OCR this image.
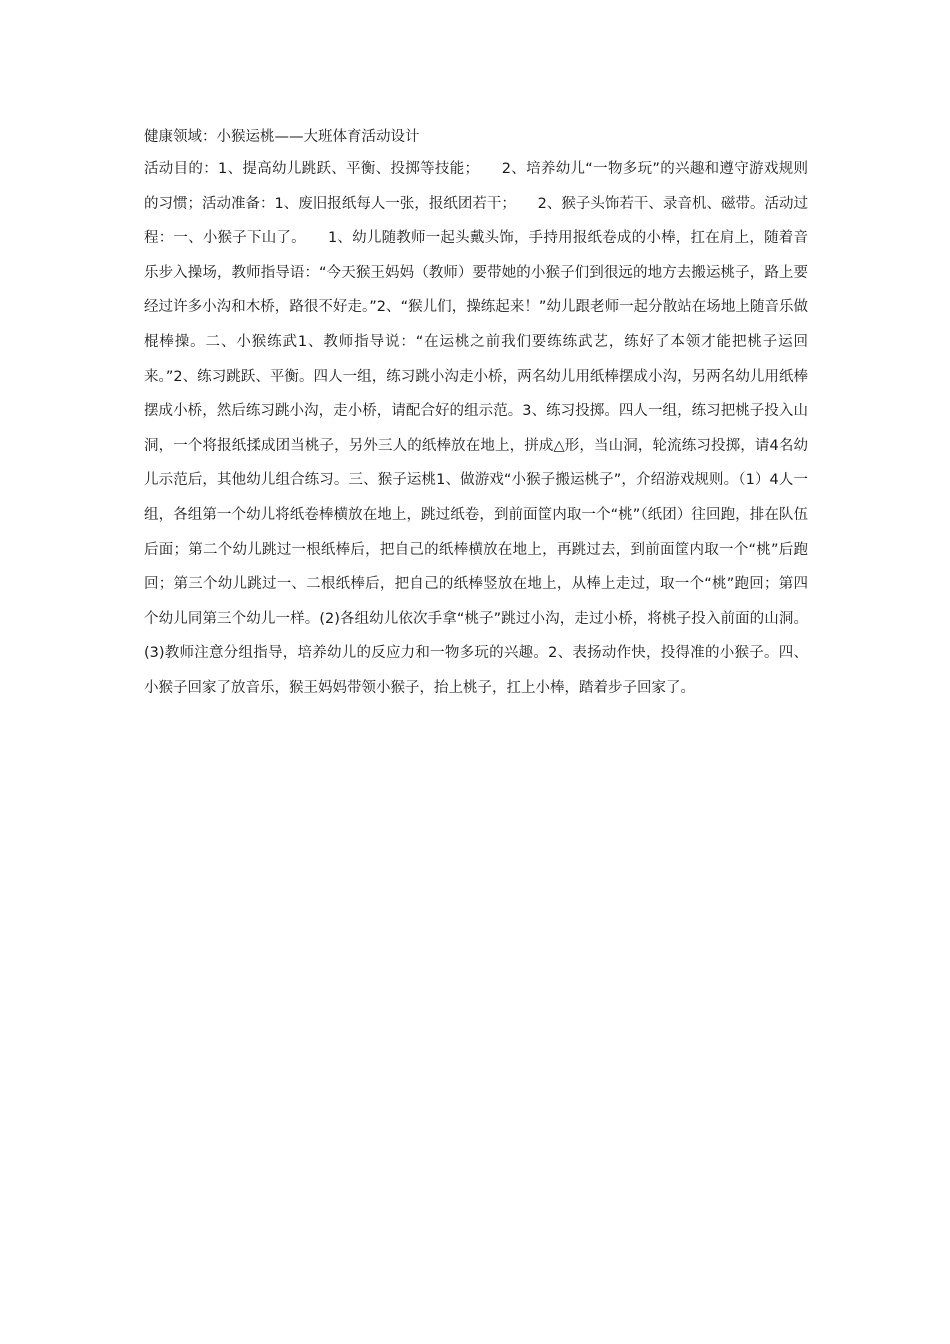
健康领域：小猴运桃——大班体育活动设计

活动目的：1、提高幼儿跳跃、平衡、投掷等技能；　　2、培养幼儿“一物多玩”的兴趣和遵守游戏规则的习惯；活动准备：1、废旧报纸每人一张，报纸团若干；　　2、猴子头饰若干、录音机、磁带。活动过程：一、小猴子下山了。　　1、幼儿随教师一起头戴头饰，手持用报纸卷成的小棒，扛在肩上，随着音乐步入操场，教师指导语：“今天猴王妈妈（教师）要带她的小猴子们到很远的地方去搬运桃子，路上要经过许多小沟和木桥，路很不好走。”2、“猴儿们，操练起来！”幼儿跟老师一起分散站在场地上随音乐做棍棒操。二、小猴练武1、教师指导说：“在运桃之前我们要练练武艺，练好了本领才能把桃子运回来。”2、练习跳跃、平衡。四人一组，练习跳小沟走小桥，两名幼儿用纸棒摆成小沟，另两名幼儿用纸棒摆成小桥，然后练习跳小沟，走小桥，请配合好的组示范。3、练习投掷。四人一组，练习把桃子投入山洞，一个将报纸揉成团当桃子，另外三人的纸棒放在地上，拼成△形，当山洞，轮流练习投掷，请4名幼儿示范后，其他幼儿组合练习。三、猴子运桃1、做游戏“小猴子搬运桃子”，介绍游戏规则。（1）4人一组，各组第一个幼儿将纸卷棒横放在地上，跳过纸卷，到前面筐内取一个“桃”（纸团）往回跑，排在队伍后面；第二个幼儿跳过一根纸棒后，把自己的纸棒横放在地上，再跳过去，到前面筐内取一个“桃”后跑回；第三个幼儿跳过一、二根纸棒后，把自己的纸棒竖放在地上，从棒上走过，取一个“桃”跑回；第四个幼儿同第三个幼儿一样。(2)各组幼儿依次手拿“桃子”跳过小沟，走过小桥，将桃子投入前面的山洞。(3)教师注意分组指导，培养幼儿的反应力和一物多玩的兴趣。2、表扬动作快，投得准的小猴子。四、小猴子回家了放音乐，猴王妈妈带领小猴子，抬上桃子，扛上小棒，踏着步子回家了。
